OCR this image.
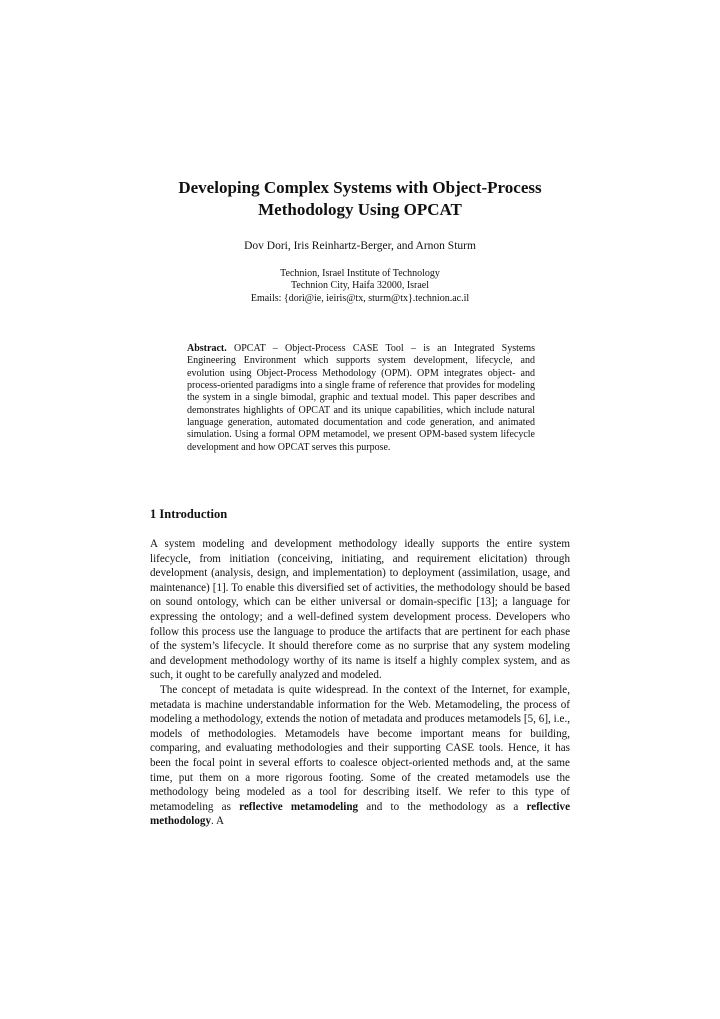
Developing Complex Systems with Object-Process
Methodology Using OPCAT
Dov Dori, Iris Reinhartz-Berger, and Arnon Sturm
Technion, Israel Institute of Technology
Technion City, Haifa 32000, Israel
Emails: {dori@ie, ieiris@tx, sturm@tx}.technion.ac.il
Abstract. OPCAT – Object-Process CASE Tool – is an Integrated Systems Engineering Environment which supports system development, lifecycle, and evolution using Object-Process Methodology (OPM). OPM integrates object- and process-oriented paradigms into a single frame of reference that provides for modeling the system in a single bimodal, graphic and textual model. This paper describes and demonstrates highlights of OPCAT and its unique capabilities, which include natural language generation, automated documentation and code generation, and animated simulation. Using a formal OPM metamodel, we present OPM-based system lifecycle development and how OPCAT serves this purpose.
1 Introduction

A system modeling and development methodology ideally supports the entire system lifecycle, from initiation (conceiving, initiating, and requirement elicitation) through development (analysis, design, and implementation) to deployment (assimilation, usage, and maintenance) [1]. To enable this diversified set of activities, the methodology should be based on sound ontology, which can be either universal or domain-specific [13]; a language for expressing the ontology; and a well-defined system development process. Developers who follow this process use the language to produce the artifacts that are pertinent for each phase of the system’s lifecycle. It should therefore come as no surprise that any system modeling and development methodology worthy of its name is itself a highly complex system, and as such, it ought to be carefully analyzed and modeled.

The concept of metadata is quite widespread. In the context of the Internet, for example, metadata is machine understandable information for the Web. Metamodeling, the process of modeling a methodology, extends the notion of metadata and produces metamodels [5, 6], i.e., models of methodologies. Metamodels have become important means for building, comparing, and evaluating methodologies and their supporting CASE tools. Hence, it has been the focal point in several efforts to coalesce object-oriented methods and, at the same time, put them on a more rigorous footing. Some of the created metamodels use the methodology being modeled as a tool for describing itself. We refer to this type of metamodeling as reflective metamodeling and to the methodology as a reflective methodology. A
